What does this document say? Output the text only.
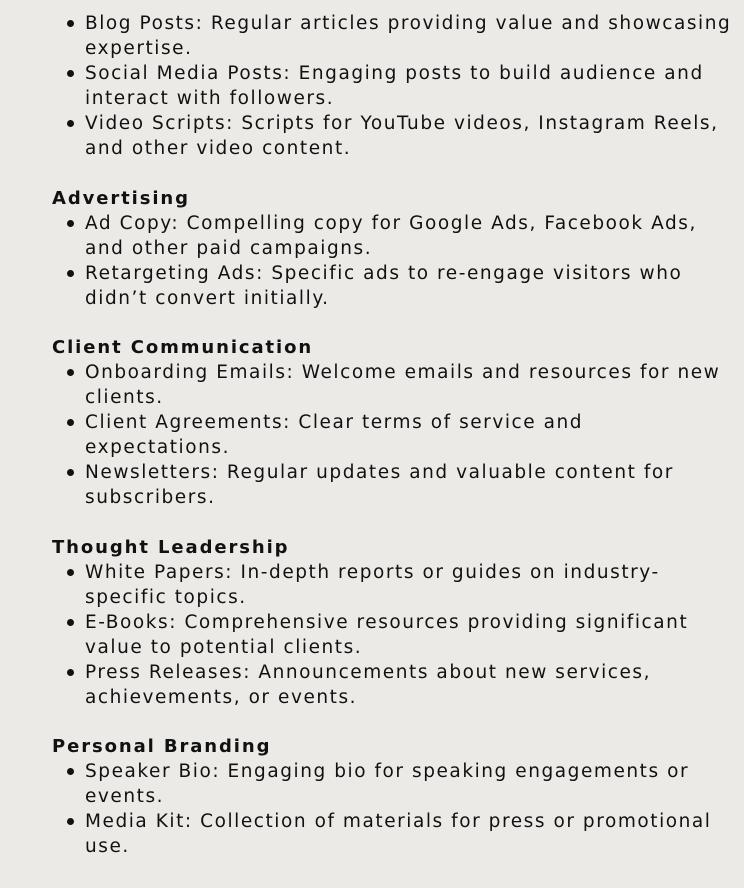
Blog Posts: Regular articles providing value and showcasing expertise.
Social Media Posts: Engaging posts to build audience and interact with followers.
Video Scripts: Scripts for YouTube videos, Instagram Reels, and other video content.
Advertising
Ad Copy: Compelling copy for Google Ads, Facebook Ads, and other paid campaigns.
Retargeting Ads: Specific ads to re-engage visitors who didn’t convert initially.
Client Communication
Onboarding Emails: Welcome emails and resources for new clients.
Client Agreements: Clear terms of service and expectations.
Newsletters: Regular updates and valuable content for subscribers.
Thought Leadership
White Papers: In-depth reports or guides on industry-specific topics.
E-Books: Comprehensive resources providing significant value to potential clients.
Press Releases: Announcements about new services, achievements, or events.
Personal Branding
Speaker Bio: Engaging bio for speaking engagements or events.
Media Kit: Collection of materials for press or promotional use.
